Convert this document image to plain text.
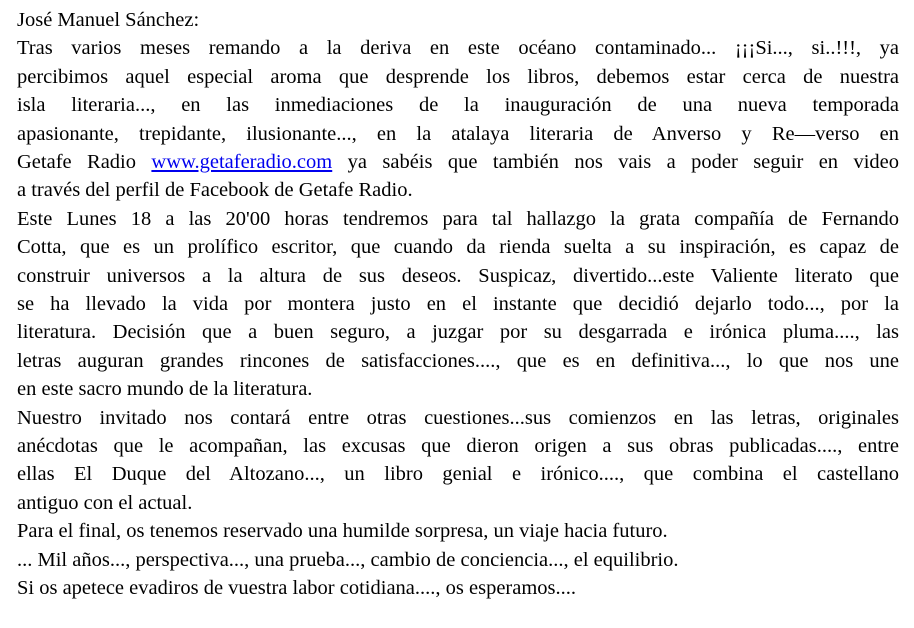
José Manuel Sánchez:
Tras varios meses remando a la deriva en este océano contaminado... ¡¡¡Si..., si..!!!, ya
percibimos aquel especial aroma que desprende los libros, debemos estar cerca de nuestra
isla literaria..., en las inmediaciones de la inauguración de una nueva temporada
apasionante, trepidante, ilusionante..., en la atalaya literaria de Anverso y Re—verso en
Getafe Radio www.getaferadio.com ya sabéis que también nos vais a poder seguir en video
a través del perfil de Facebook de Getafe Radio.
Este Lunes 18 a las 20'00 horas tendremos para tal hallazgo la grata compañía de Fernando
Cotta, que es un prolífico escritor, que cuando da rienda suelta a su inspiración, es capaz de
construir universos a la altura de sus deseos. Suspicaz, divertido...este Valiente literato que
se ha llevado la vida por montera justo en el instante que decidió dejarlo todo..., por la
literatura. Decisión que a buen seguro, a juzgar por su desgarrada e irónica pluma...., las
letras auguran grandes rincones de satisfacciones...., que es en definitiva..., lo que nos une
en este sacro mundo de la literatura.
Nuestro invitado nos contará entre otras cuestiones...sus comienzos en las letras, originales
anécdotas que le acompañan, las excusas que dieron origen a sus obras publicadas...., entre
ellas El Duque del Altozano..., un libro genial e irónico...., que combina el castellano
antiguo con el actual.
Para el final, os tenemos reservado una humilde sorpresa, un viaje hacia futuro.
... Mil años..., perspectiva..., una prueba..., cambio de conciencia..., el equilibrio.
Si os apetece evadiros de vuestra labor cotidiana...., os esperamos....
